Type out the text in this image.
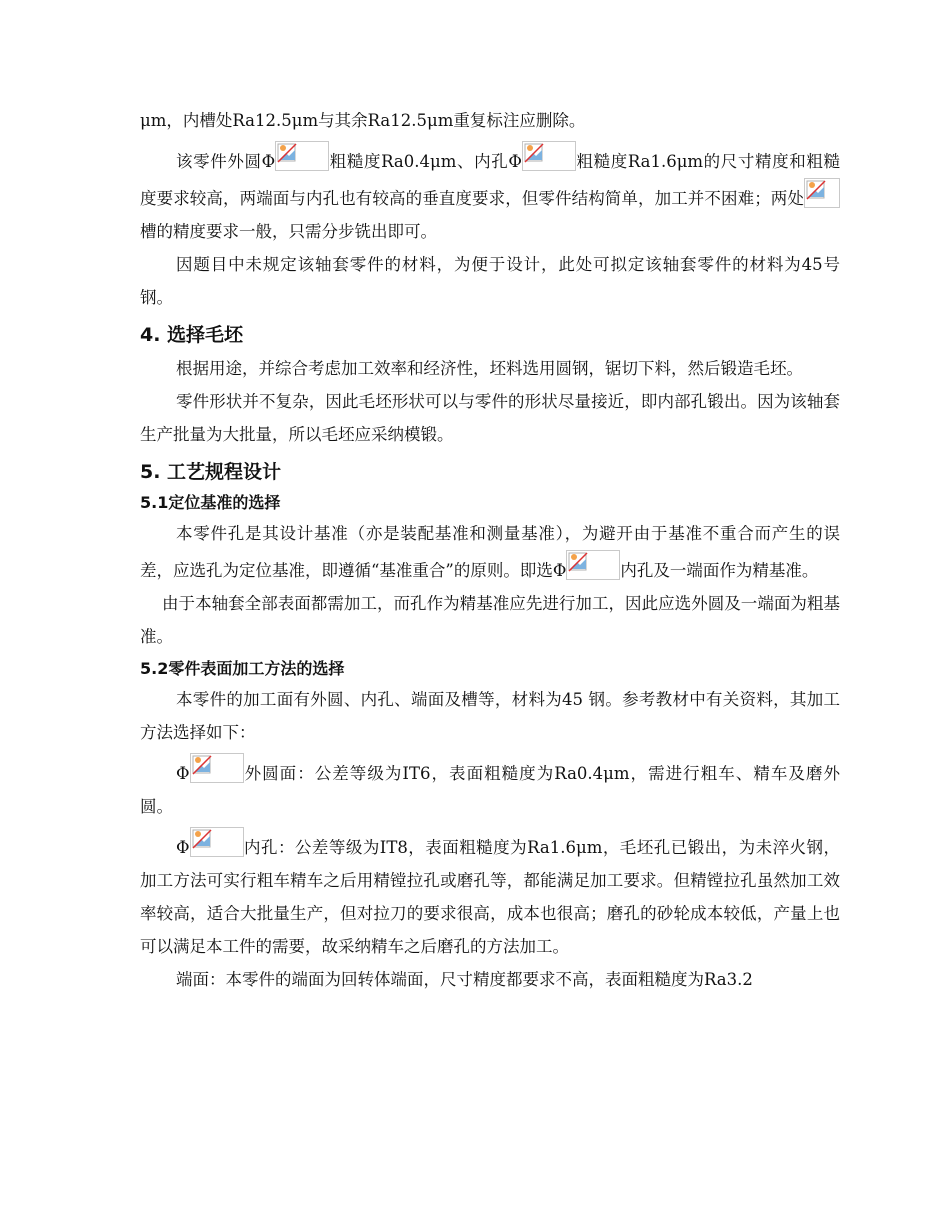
μm，内槽处Ra12.5μm与其余Ra12.5μm重复标注应删除。

该零件外圆Φ	粗糙度Ra0.4μm、内孔Φ	粗糙度Ra1.6μm的尺寸精度和粗糙度要求较高，两端面与内孔也有较高的垂直度要求，但零件结构简单，加工并不困难；两处
槽的精度要求一般，只需分步铣出即可。

因题目中未规定该轴套零件的材料，为便于设计，此处可拟定该轴套零件的材料为45号钢。

4. 选择毛坯

根据用途，并综合考虑加工效率和经济性，坯料选用圆钢，锯切下料，然后锻造毛坯。

零件形状并不复杂，因此毛坯形状可以与零件的形状尽量接近，即内部孔锻出。因为该轴套生产批量为大批量，所以毛坯应采纳模锻。

5. 工艺规程设计
5.1定位基准的选择

本零件孔是其设计基准（亦是装配基准和测量基准），为避开由于基准不重合而产生的误差，应选孔为定位基准，即遵循“基准重合”的原则。即选Φ	内孔及一端面作为精基准。

由于本轴套全部表面都需加工，而孔作为精基准应先进行加工，因此应选外圆及一端面为粗基准。

5.2零件表面加工方法的选择

本零件的加工面有外圆、内孔、端面及槽等，材料为45 钢。参考教材中有关资料，其加工方法选择如下：

Φ	外圆面：公差等级为IT6，表面粗糙度为Ra0.4μm，需进行粗车、精车及磨外圆。

Φ	内孔：公差等级为IT8，表面粗糙度为Ra1.6μm，毛坯孔已锻出，为未淬火钢，加工方法可实行粗车精车之后用精镗拉孔或磨孔等，都能满足加工要求。但精镗拉孔虽然加工效率较高，适合大批量生产，但对拉刀的要求很高，成本也很高；磨孔的砂轮成本较低，产量上也可以满足本工件的需要，故采纳精车之后磨孔的方法加工。

端面：本零件的端面为回转体端面，尺寸精度都要求不高，表面粗糙度为Ra3.2
